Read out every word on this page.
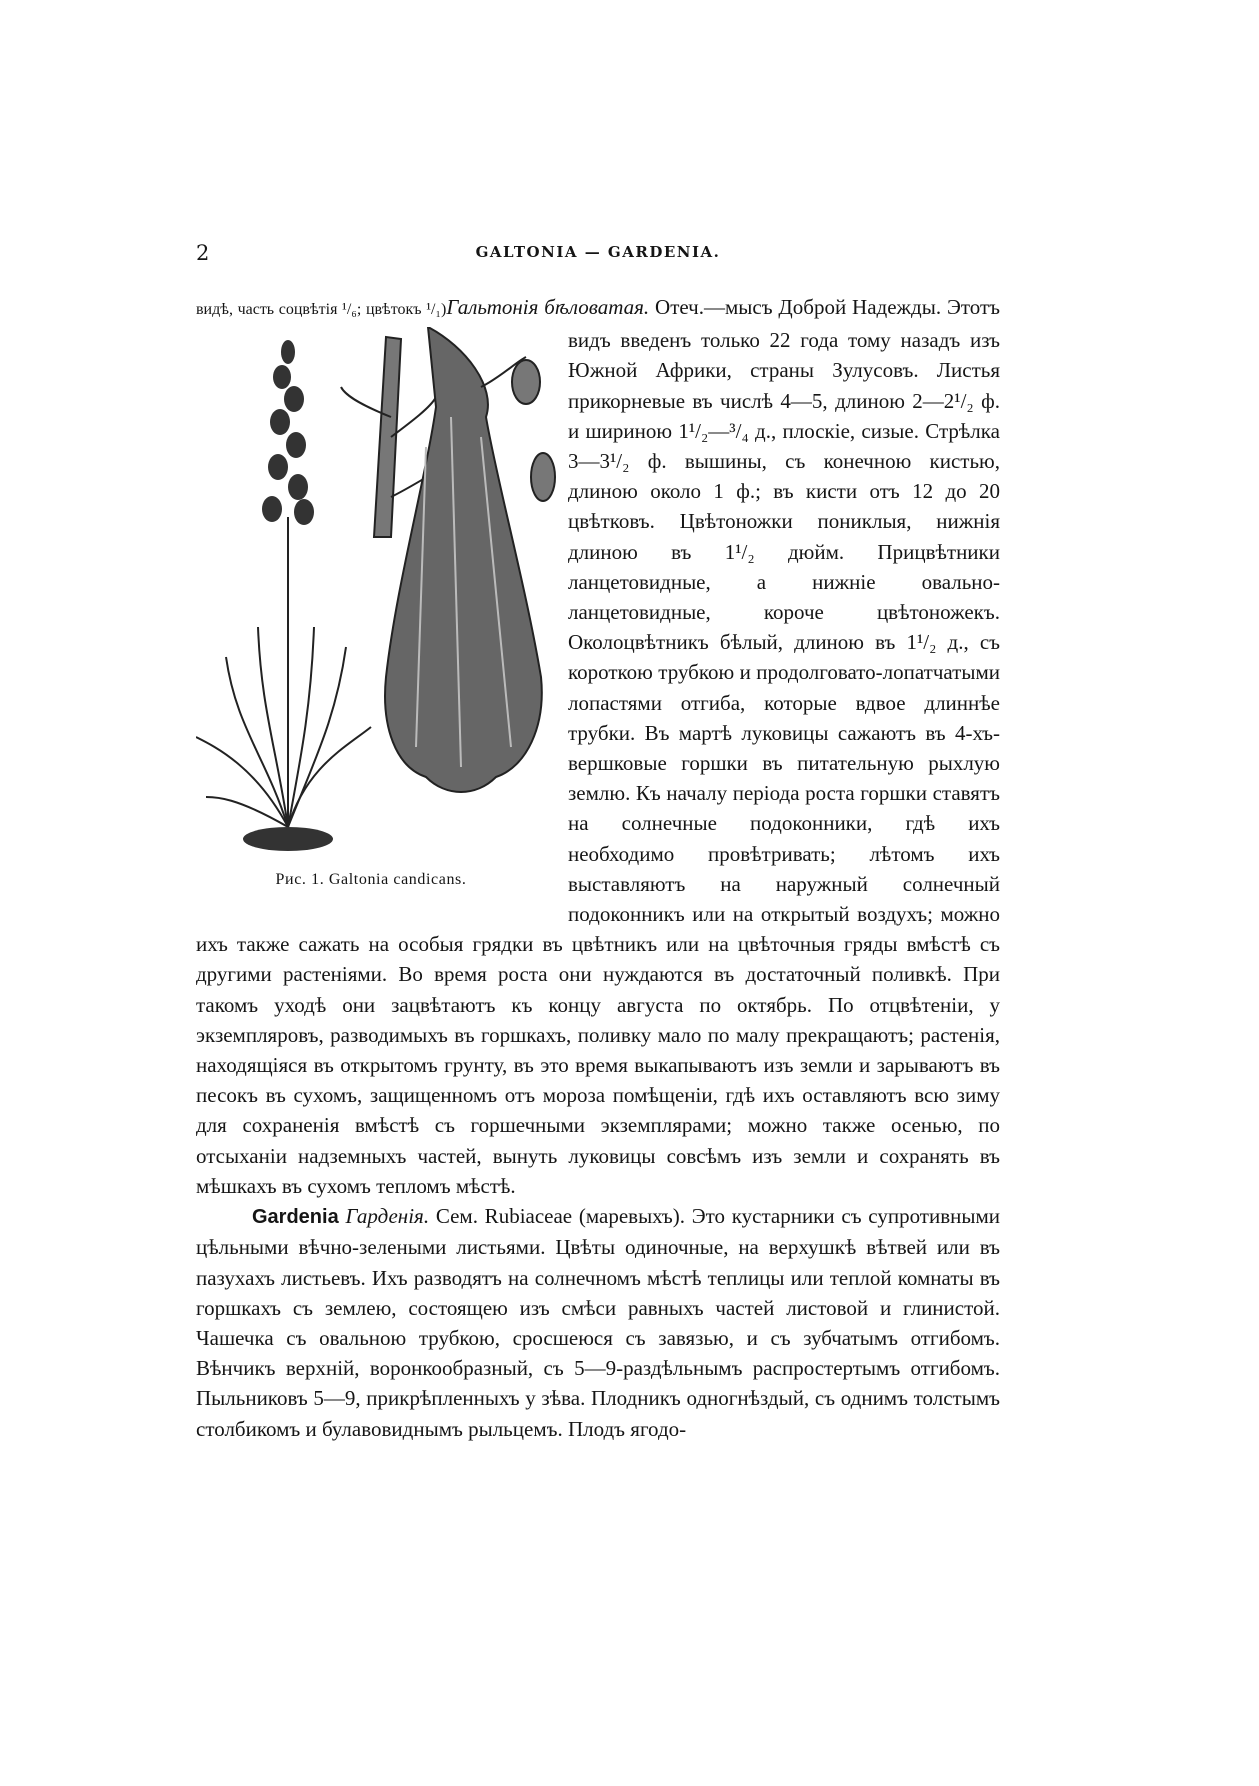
2	GALTONIA — GARDENIA.

видѣ, часть соцвѣтія ¹/₆; цвѣтокъ ¹/₁)Гальтонія бѣловатая.
Рис. 1. Galtonia candicans.
Отеч.—мысъ Доброй Надежды. Этотъ видъ введенъ только 22 года тому назадъ изъ Южной Африки, страны Зулусовъ. Листья прикорневые въ числѣ 4—5, длиною 2—2¹/₂ ф. и шириною 1¹/₂—³/₄ д., плоскіе, сизые. Стрѣлка 3—3¹/₂ ф. вышины, съ конечною кистью, длиною около 1 ф.; въ кисти отъ 12 до 20 цвѣтковъ. Цвѣтоножки пониклыя, нижнія длиною въ 1¹/₂ дюйм. Прицвѣтники ланцетовидные, а нижніе овально-ланцетовидные, короче цвѣтоножекъ. Околоцвѣтникъ бѣлый, длиною въ 1¹/₂ д., съ короткою трубкою и продолговато-лопатчатыми лопастями отгиба, которые вдвое длиннѣе трубки. Въ мартѣ луковицы сажаютъ въ 4-хъ-вершковые горшки въ питательную рыхлую землю. Къ началу періода роста горшки ставятъ на солнечные подоконники, гдѣ ихъ необходимо провѣтривать; лѣтомъ ихъ выставляютъ на наружный солнечный подоконникъ или на открытый воздухъ; можно ихъ также сажать на особыя грядки въ цвѣтникъ или на цвѣточныя гряды вмѣстѣ съ другими растеніями. Во время роста они нуждаются въ достаточный поливкѣ. При такомъ уходѣ они зацвѣтаютъ къ концу августа по октябрь. По отцвѣтеніи, у экземпляровъ, разводимыхъ въ горшкахъ, поливку мало по малу прекращаютъ; растенія, находящіяся въ открытомъ грунту, въ это время выкапываютъ изъ земли и зарываютъ въ песокъ въ сухомъ, защищенномъ отъ мороза помѣщеніи, гдѣ ихъ оставляютъ всю зиму для сохраненія вмѣстѣ съ горшечными экземплярами; можно также осенью, по отсыханіи надземныхъ частей, вынуть луковицы совсѣмъ изъ земли и сохранять въ мѣшкахъ въ сухомъ тепломъ мѣстѣ.

Gardenia Гарденія. Сем. Rubiaceae (маревыхъ). Это кустарники съ супротивными цѣльными вѣчно-зелеными листьями. Цвѣты одиночные, на верхушкѣ вѣтвей или въ пазухахъ листьевъ. Ихъ разводятъ на солнечномъ мѣстѣ теплицы или теплой комнаты въ горшкахъ съ землею, состоящею изъ смѣси равныхъ частей листовой и глинистой. Чашечка съ овальною трубкою, сросшеюся съ завязью, и съ зубчатымъ отгибомъ. Вѣнчикъ верхній, воронкообразный, съ 5—9-раздѣльнымъ распростертымъ отгибомъ. Пыльниковъ 5—9, прикрѣпленныхъ у зѣва. Плодникъ одногнѣздый, съ однимъ толстымъ столбикомъ и булавовиднымъ рыльцемъ. Плодъ ягодо-
